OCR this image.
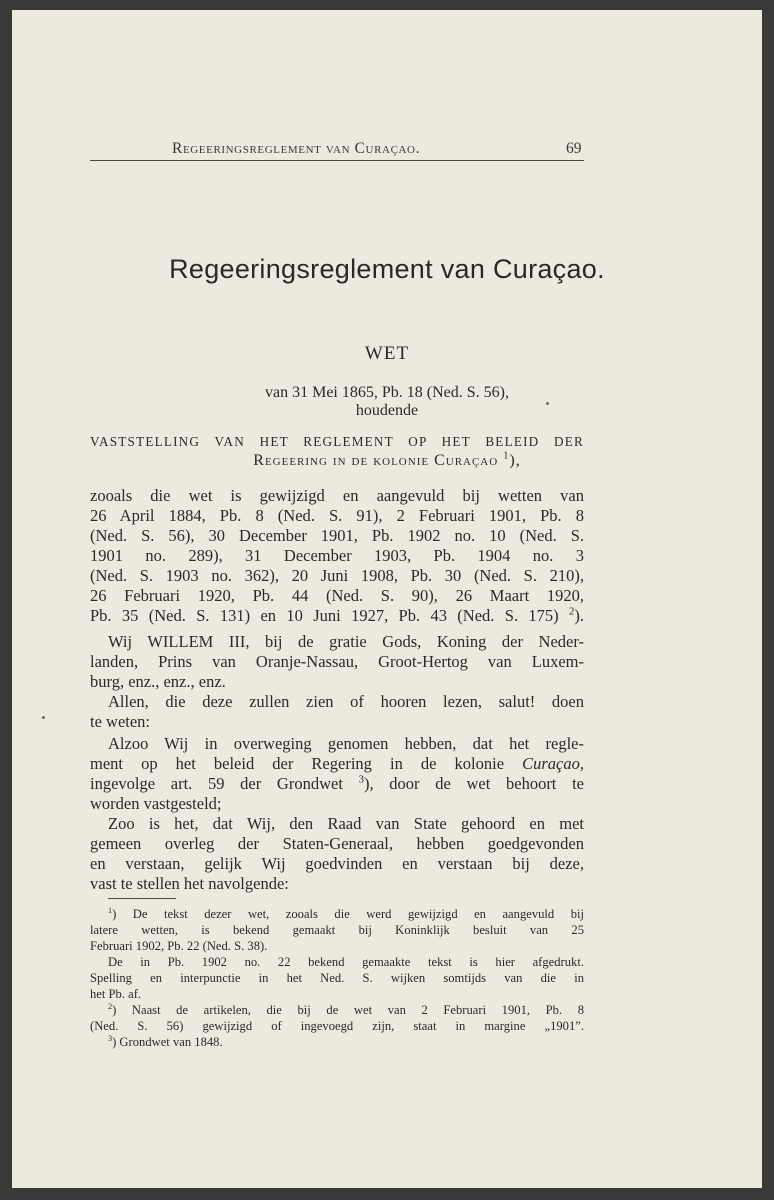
Regeeringsreglement van Curaçao.	69
Regeeringsreglement van Curaçao.
WET
van 31 Mei 1865, Pb. 18 (Ned. S. 56),
houdende
VASTSTELLING VAN HET REGLEMENT OP HET BELEID DER
Regeering in de kolonie Curaçao $^1$),
zooals die wet is gewijzigd en aangevuld bij wetten van
26 April 1884, Pb. 8 (Ned. S. 91), 2 Februari 1901, Pb. 8
(Ned. S. 56), 30 December 1901, Pb. 1902 no. 10 (Ned. S.
1901 no. 289), 31 December 1903, Pb. 1904 no. 3
(Ned. S. 1903 no. 362), 20 Juni 1908, Pb. 30 (Ned. S. 210),
26 Februari 1920, Pb. 44 (Ned. S. 90), 26 Maart 1920,
Pb. 35 (Ned. S. 131) en 10 Juni 1927, Pb. 43 (Ned. S. 175) $^2$).
Wij WILLEM III, bij de gratie Gods, Koning der Neder-
landen, Prins van Oranje-Nassau, Groot-Hertog van Luxem-
burg, enz., enz., enz.
Allen, die deze zullen zien of hooren lezen, salut! doen
te weten:
Alzoo Wij in overweging genomen hebben, dat het regle-
ment op het beleid der Regering in de kolonie Curaçao,
ingevolge art. 59 der Grondwet $^3$), door de wet behoort te
worden vastgesteld;
Zoo is het, dat Wij, den Raad van State gehoord en met
gemeen overleg der Staten-Generaal, hebben goedgevonden
en verstaan, gelijk Wij goedvinden en verstaan bij deze,
vast te stellen het navolgende:
$^1$) De tekst dezer wet, zooals die werd gewijzigd en aangevuld bij
latere wetten, is bekend gemaakt bij Koninklijk besluit van 25
Februari 1902, Pb. 22 (Ned. S. 38).
De in Pb. 1902 no. 22 bekend gemaakte tekst is hier afgedrukt.
Spelling en interpunctie in het Ned. S. wijken somtijds van die in
het Pb. af.
$^2$) Naast de artikelen, die bij de wet van 2 Februari 1901, Pb. 8
(Ned. S. 56) gewijzigd of ingevoegd zijn, staat in margine „1901”.
$^3$) Grondwet van 1848.
